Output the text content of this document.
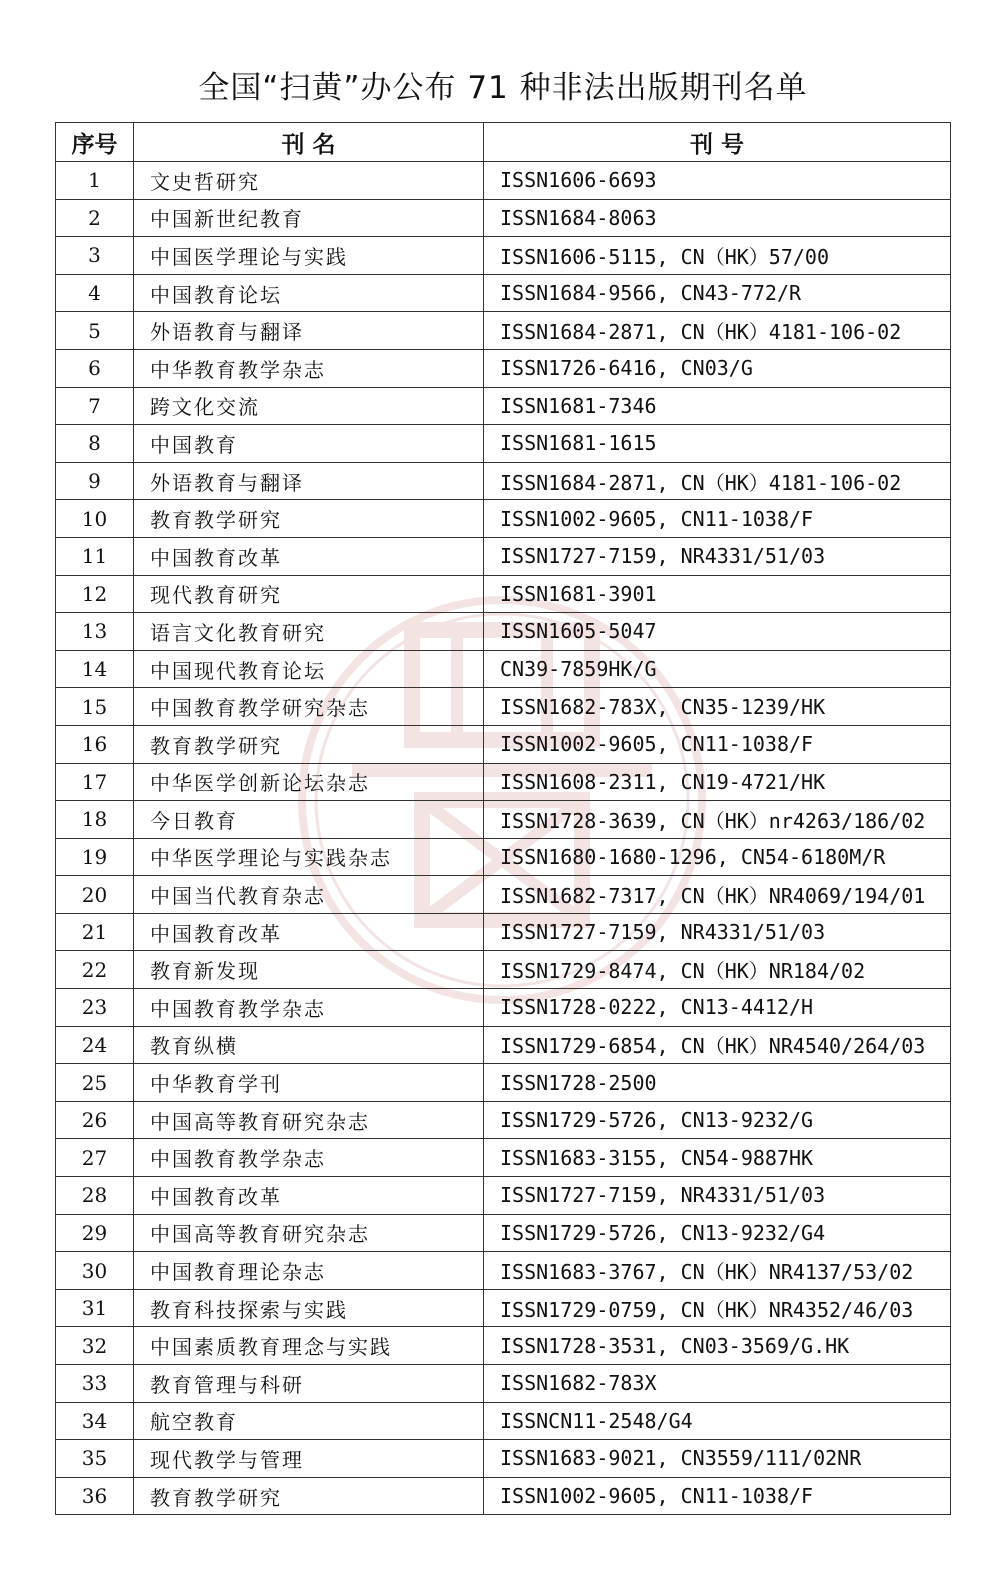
全国“扫黄”办公布 71 种非法出版期刊名单
序号	刊 名	刊 号
1	文史哲研究	ISSN1606-6693
2	中国新世纪教育	ISSN1684-8063
3	中国医学理论与实践	ISSN1606-5115, CN（HK）57/00
4	中国教育论坛	ISSN1684-9566, CN43-772/R
5	外语教育与翻译	ISSN1684-2871, CN（HK）4181-106-02
6	中华教育教学杂志	ISSN1726-6416, CN03/G
7	跨文化交流	ISSN1681-7346
8	中国教育	ISSN1681-1615
9	外语教育与翻译	ISSN1684-2871, CN（HK）4181-106-02
10	教育教学研究	ISSN1002-9605, CN11-1038/F
11	中国教育改革	ISSN1727-7159, NR4331/51/03
12	现代教育研究	ISSN1681-3901
13	语言文化教育研究	ISSN1605-5047
14	中国现代教育论坛	CN39-7859HK/G
15	中国教育教学研究杂志	ISSN1682-783X, CN35-1239/HK
16	教育教学研究	ISSN1002-9605, CN11-1038/F
17	中华医学创新论坛杂志	ISSN1608-2311, CN19-4721/HK
18	今日教育	ISSN1728-3639, CN（HK）nr4263/186/02
19	中华医学理论与实践杂志	ISSN1680-1680-1296, CN54-6180M/R
20	中国当代教育杂志	ISSN1682-7317, CN（HK）NR4069/194/01
21	中国教育改革	ISSN1727-7159, NR4331/51/03
22	教育新发现	ISSN1729-8474, CN（HK）NR184/02
23	中国教育教学杂志	ISSN1728-0222, CN13-4412/H
24	教育纵横	ISSN1729-6854, CN（HK）NR4540/264/03
25	中华教育学刊	ISSN1728-2500
26	中国高等教育研究杂志	ISSN1729-5726, CN13-9232/G
27	中国教育教学杂志	ISSN1683-3155, CN54-9887HK
28	中国教育改革	ISSN1727-7159, NR4331/51/03
29	中国高等教育研究杂志	ISSN1729-5726, CN13-9232/G4
30	中国教育理论杂志	ISSN1683-3767, CN（HK）NR4137/53/02
31	教育科技探索与实践	ISSN1729-0759, CN（HK）NR4352/46/03
32	中国素质教育理念与实践	ISSN1728-3531, CN03-3569/G.HK
33	教育管理与科研	ISSN1682-783X
34	航空教育	ISSNCN11-2548/G4
35	现代教学与管理	ISSN1683-9021, CN3559/111/02NR
36	教育教学研究	ISSN1002-9605, CN11-1038/F
